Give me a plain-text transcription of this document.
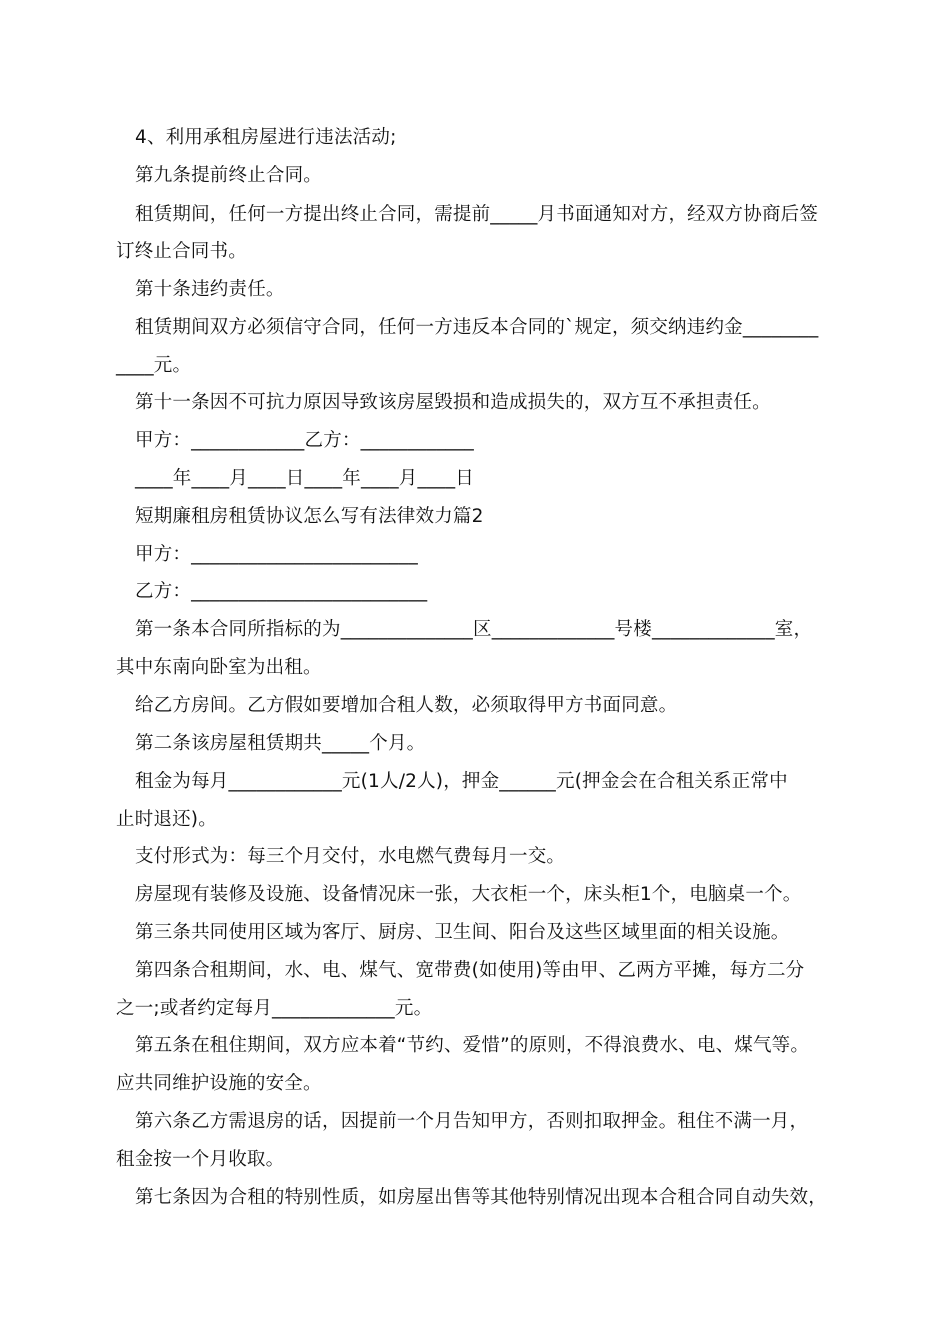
4、利用承租房屋进行违法活动;
第九条提前终止合同。
租赁期间，任何一方提出终止合同，需提前_____月书面通知对方，经双方协商后签
订终止合同书。
第十条违约责任。
租赁期间双方必须信守合同，任何一方违反本合同的`规定，须交纳违约金________
____元。
第十一条因不可抗力原因导致该房屋毁损和造成损失的，双方互不承担责任。
甲方：____________乙方：____________
____年____月____日____年____月____日
短期廉租房租赁协议怎么写有法律效力篇2
甲方：________________________
乙方：_________________________
第一条本合同所指标的为______________区_____________号楼_____________室，
其中东南向卧室为出租。
给乙方房间。乙方假如要增加合租人数，必须取得甲方书面同意。
第二条该房屋租赁期共_____个月。
租金为每月____________元(1人/2人)，押金______元(押金会在合租关系正常中
止时退还)。
支付形式为：每三个月交付，水电燃气费每月一交。
房屋现有装修及设施、设备情况床一张，大衣柜一个，床头柜1个，电脑桌一个。
第三条共同使用区域为客厅、厨房、卫生间、阳台及这些区域里面的相关设施。
第四条合租期间，水、电、煤气、宽带费(如使用)等由甲、乙两方平摊，每方二分
之一;或者约定每月_____________元。
第五条在租住期间，双方应本着“节约、爱惜”的原则，不得浪费水、电、煤气等。
应共同维护设施的安全。
第六条乙方需退房的话，因提前一个月告知甲方，否则扣取押金。租住不满一月，
租金按一个月收取。
第七条因为合租的特别性质，如房屋出售等其他特别情况出现本合租合同自动失效，
